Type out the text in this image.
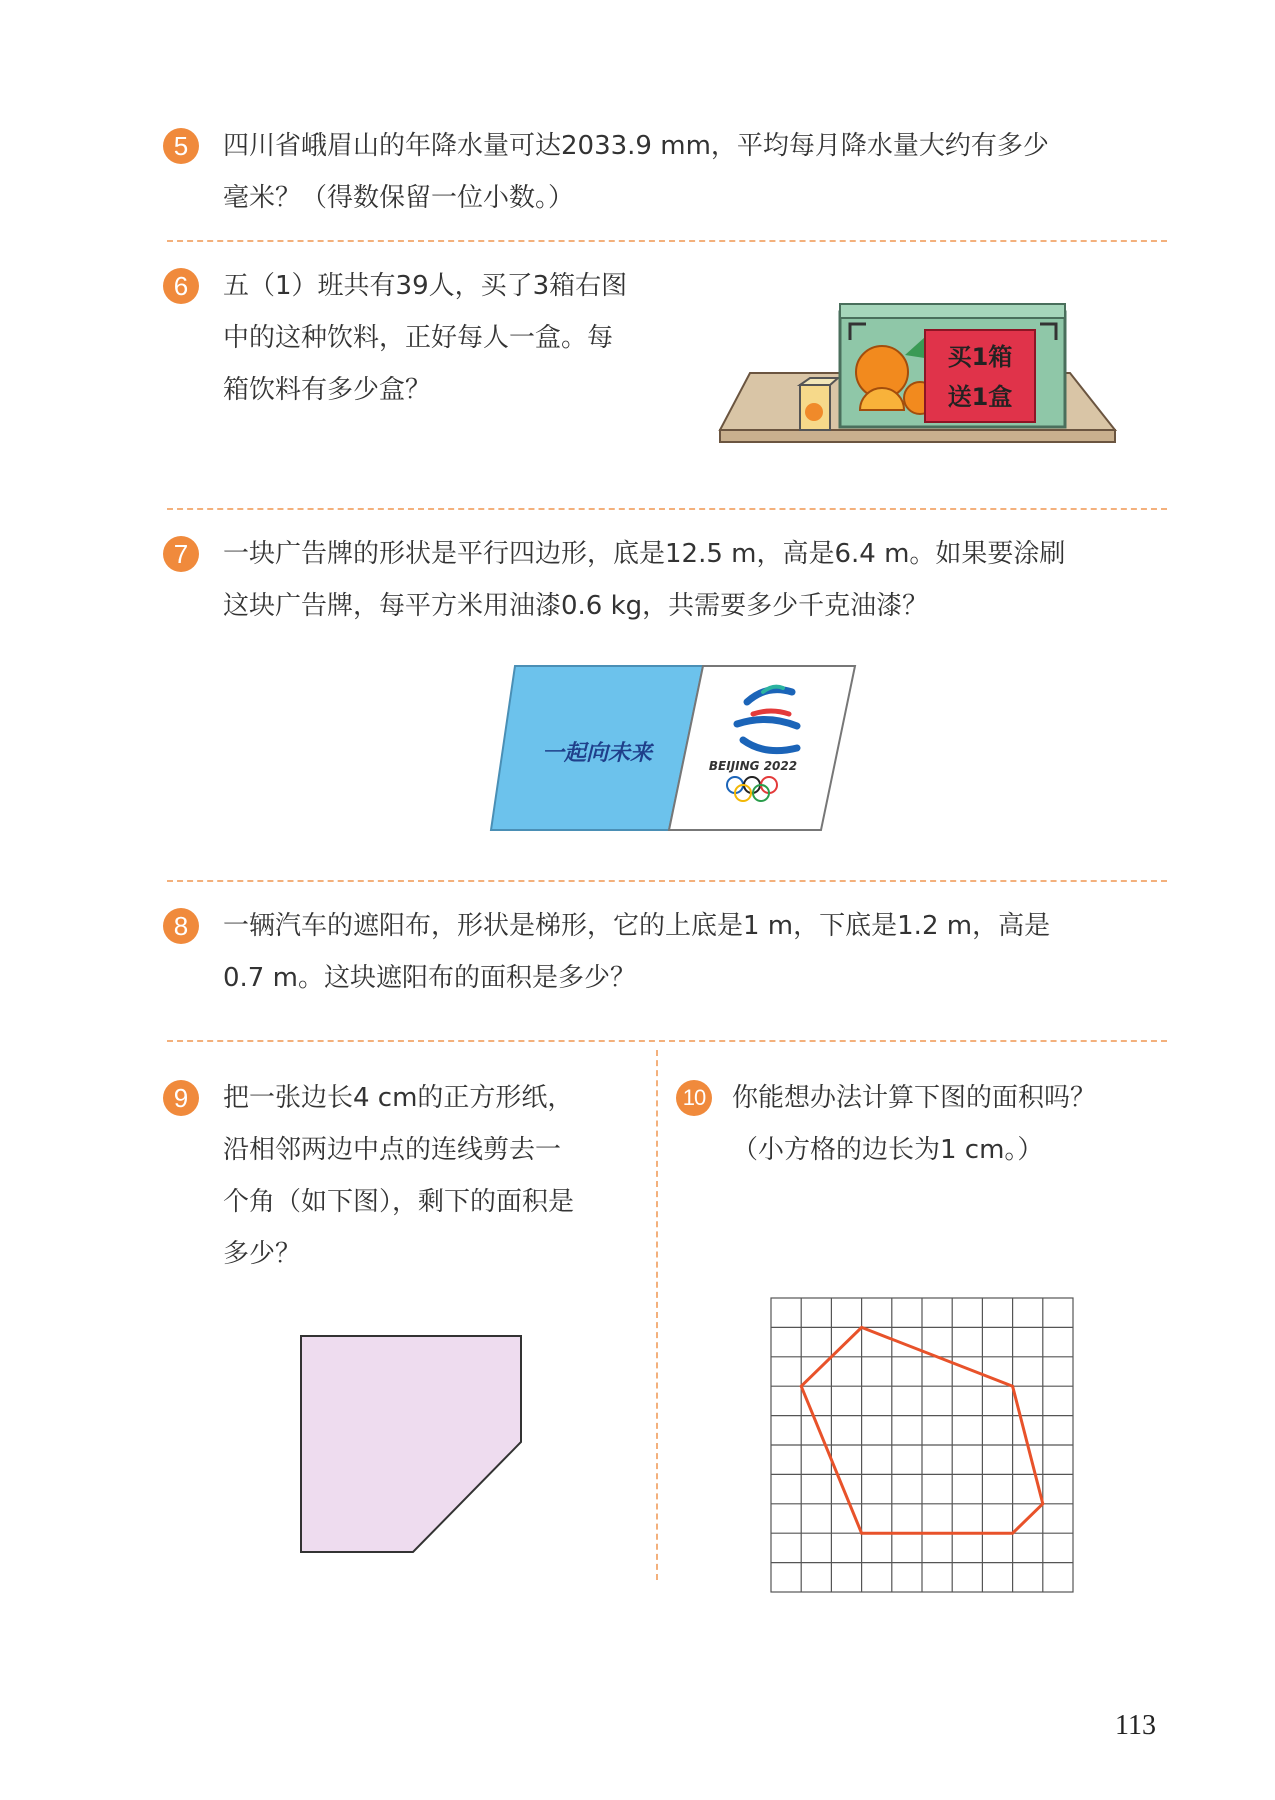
5	四川省峨眉山的年降水量可达2033.9 mm，平均每月降水量大约有多少
毫米？（得数保留一位小数。）

6	五（1）班共有39人，买了3箱右图
中的这种饮料，正好每人一盒。每
箱饮料有多少盒？

买1箱
送1盒
7	一块广告牌的形状是平行四边形，底是12.5 m，高是6.4 m。如果要涂刷
这块广告牌，每平方米用油漆0.6 kg，共需要多少千克油漆？

一起向未来	BEIJING 2022
8	一辆汽车的遮阳布，形状是梯形，它的上底是1 m，下底是1.2 m，高是
0.7 m。这块遮阳布的面积是多少？

9	把一张边长4 cm的正方形纸，
沿相邻两边中点的连线剪去一
个角（如下图），剩下的面积是
多少？

10 你能想办法计算下图的面积吗？
（小方格的边长为1 cm。）

113
